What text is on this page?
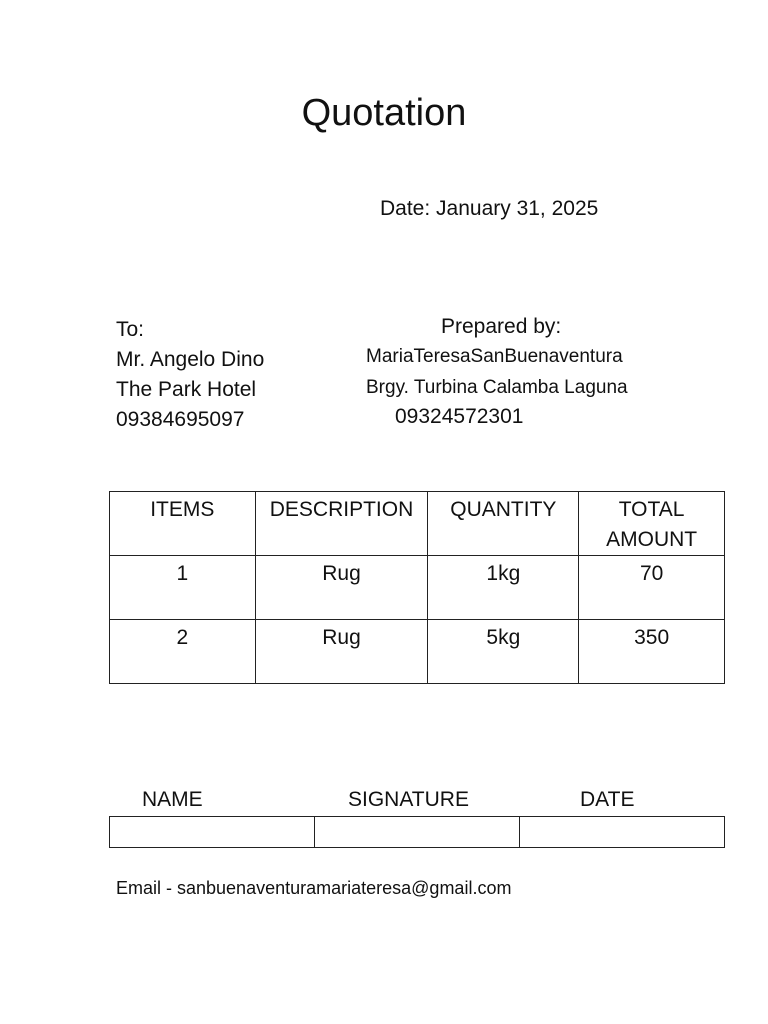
Quotation
Date: January 31, 2025
To:
Mr. Angelo Dino
The Park Hotel
09384695097
Prepared by:
MariaTeresaSanBuenaventura
Brgy. Turbina Calamba Laguna
09324572301
ITEMS	DESCRIPTION	QUANTITY	TOTAL AMOUNT
1	Rug	1kg	70
2	Rug	5kg	350
NAME	SIGNATURE	DATE
Email - sanbuenaventuramariateresa@gmail.com
